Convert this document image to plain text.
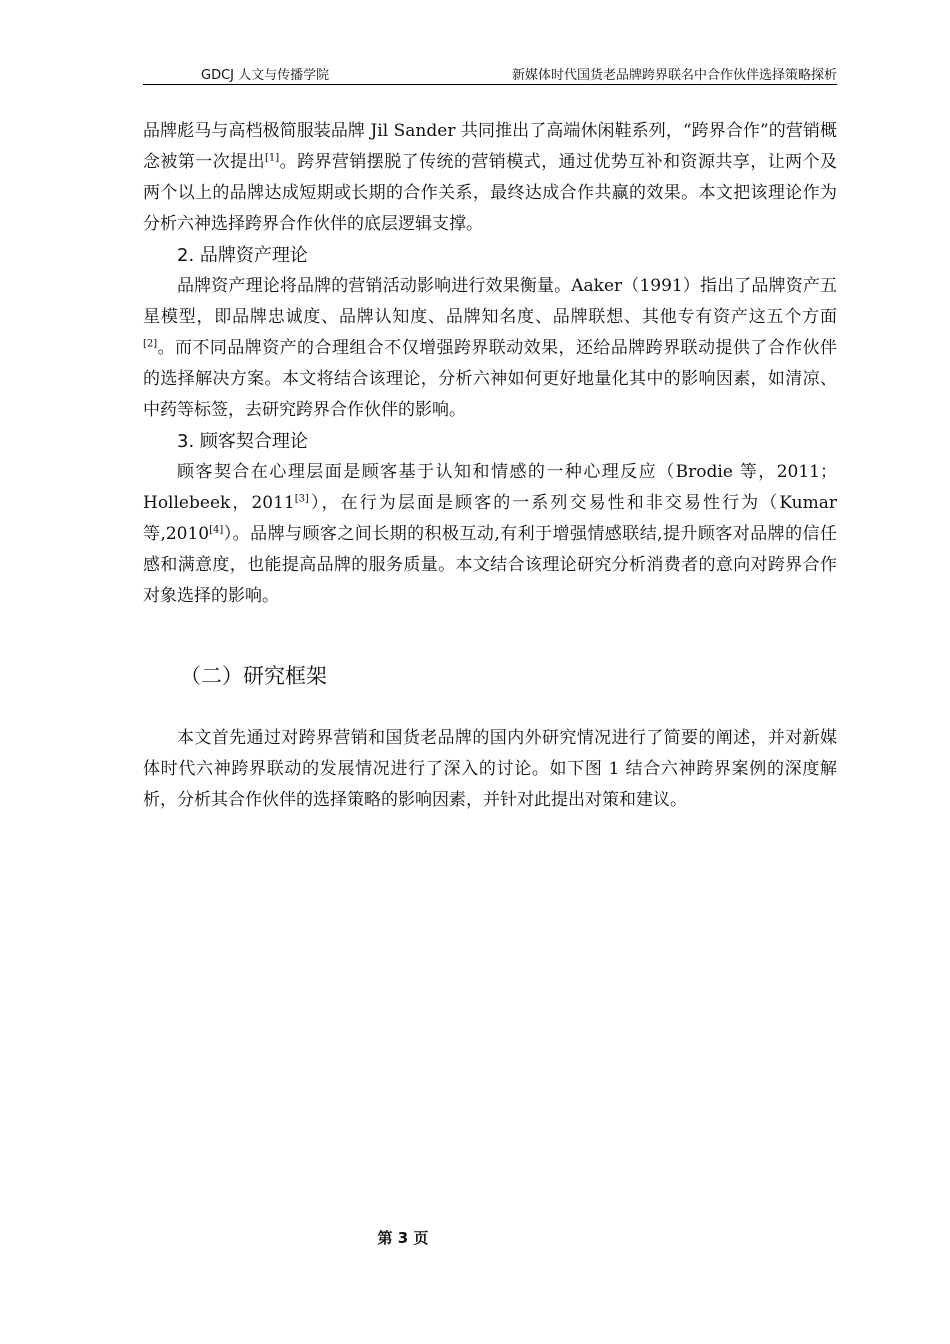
GDCJ 人文与传播学院	新媒体时代国货老品牌跨界联名中合作伙伴选择策略探析

品牌彪马与高档极简服装品牌 Jil Sander 共同推出了高端休闲鞋系列，“跨界合作”的营销概念被第一次提出[1]。跨界营销摆脱了传统的营销模式，通过优势互补和资源共享，让两个及两个以上的品牌达成短期或长期的合作关系，最终达成合作共赢的效果。本文把该理论作为分析六神选择跨界合作伙伴的底层逻辑支撑。

2. 品牌资产理论

品牌资产理论将品牌的营销活动影响进行效果衡量。Aaker（1991）指出了品牌资产五星模型，即品牌忠诚度、品牌认知度、品牌知名度、品牌联想、其他专有资产这五个方面[2]。而不同品牌资产的合理组合不仅增强跨界联动效果，还给品牌跨界联动提供了合作伙伴的选择解决方案。本文将结合该理论，分析六神如何更好地量化其中的影响因素，如清凉、中药等标签，去研究跨界合作伙伴的影响。

3. 顾客契合理论

顾客契合在心理层面是顾客基于认知和情感的一种心理反应（Brodie 等，2011；Hollebeek，2011[3]），在行为层面是顾客的一系列交易性和非交易性行为（Kumar 等,2010[4]）。品牌与顾客之间长期的积极互动,有利于增强情感联结,提升顾客对品牌的信任感和满意度，也能提高品牌的服务质量。本文结合该理论研究分析消费者的意向对跨界合作对象选择的影响。

（二）研究框架

本文首先通过对跨界营销和国货老品牌的国内外研究情况进行了简要的阐述，并对新媒体时代六神跨界联动的发展情况进行了深入的讨论。如下图 1 结合六神跨界案例的深度解析，分析其合作伙伴的选择策略的影响因素，并针对此提出对策和建议。

第 3 页
